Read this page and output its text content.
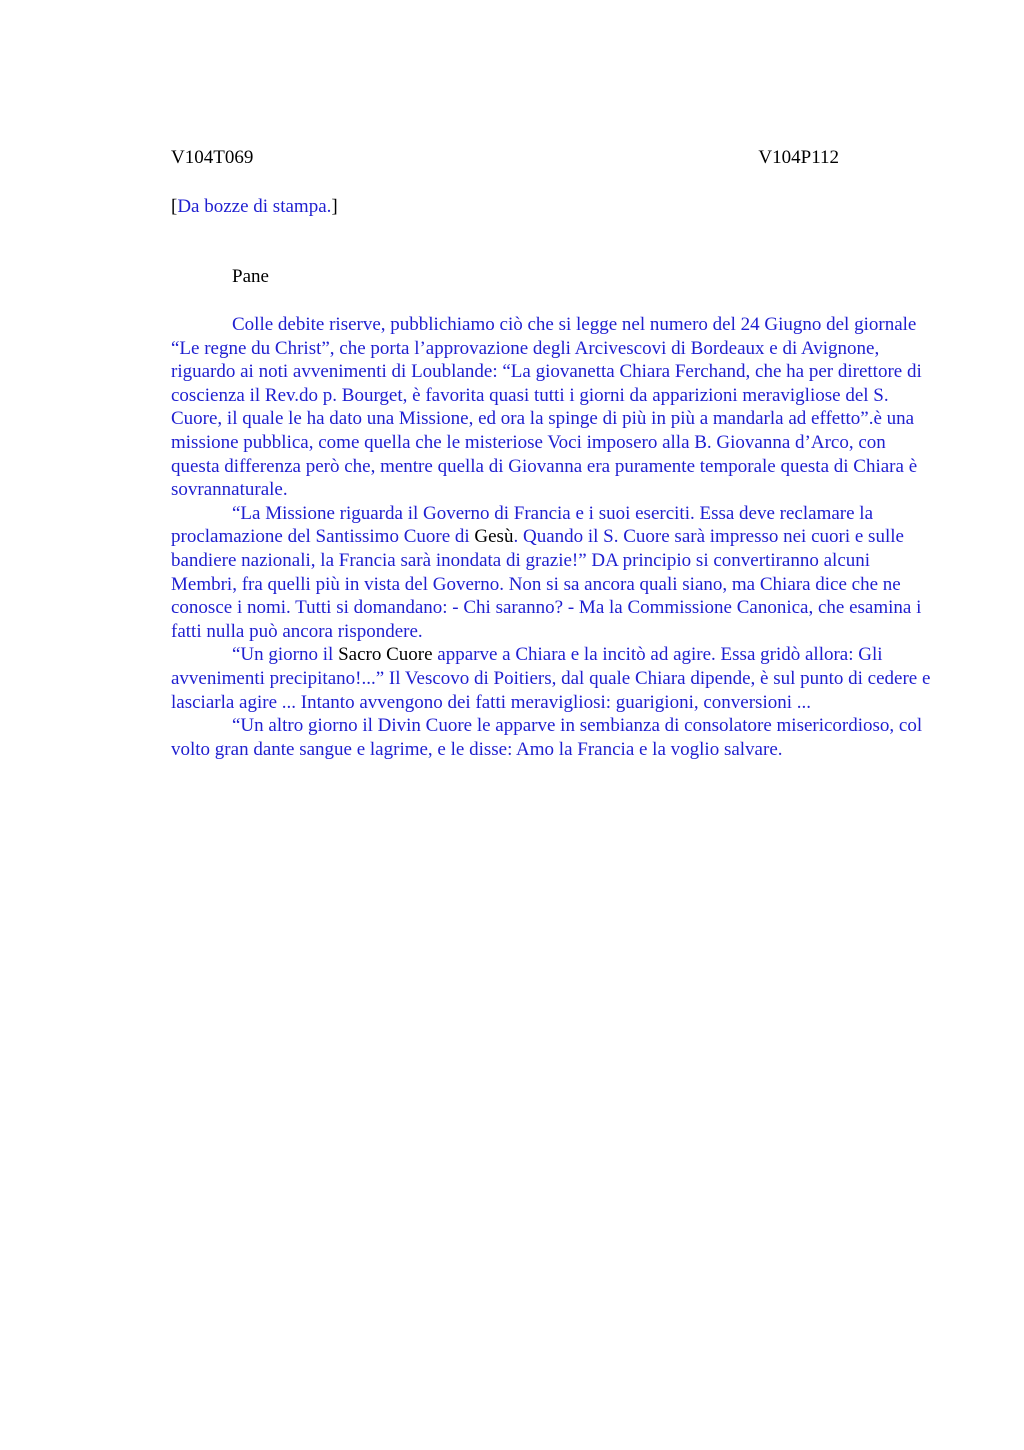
V104T069	V104P112
[Da bozze di stampa.]
Pane

Colle debite riserve, pubblichiamo ciò che si legge nel numero del 24 Giugno del giornale “Le regne du Christ”, che porta l’approvazione degli Arcivescovi di Bordeaux e di Avignone, riguardo ai noti avvenimenti di Loublande: “La giovanetta Chiara Ferchand, che ha per direttore di coscienza il Rev.do p. Bourget, è favorita quasi tutti i giorni da apparizioni meravigliose del S. Cuore, il quale le ha dato una Missione, ed ora la spinge di più in più a mandarla ad effetto”.è una missione pubblica, come quella che le misteriose Voci imposero alla B. Giovanna d’Arco, con questa differenza però che, mentre quella di Giovanna era puramente temporale questa di Chiara è sovrannaturale.

“La Missione riguarda il Governo di Francia e i suoi eserciti. Essa deve reclamare la proclamazione del Santissimo Cuore di Gesù. Quando il S. Cuore sarà impresso nei cuori e sulle bandiere nazionali, la Francia sarà inondata di grazie!” DA principio si convertiranno alcuni Membri, fra quelli più in vista del Governo. Non si sa ancora quali siano, ma Chiara dice che ne conosce i nomi. Tutti si domandano: - Chi saranno? - Ma la Commissione Canonica, che esamina i fatti nulla può ancora rispondere.

“Un giorno il Sacro Cuore apparve a Chiara e la incitò ad agire. Essa gridò allora: Gli avvenimenti precipitano!...” Il Vescovo di Poitiers, dal quale Chiara dipende, è sul punto di cedere e lasciarla agire ... Intanto avvengono dei fatti meravigliosi: guarigioni, conversioni ...

“Un altro giorno il Divin Cuore le apparve in sembianza di consolatore misericordioso, col volto gran dante sangue e lagrime, e le disse: Amo la Francia e la voglio salvare.
